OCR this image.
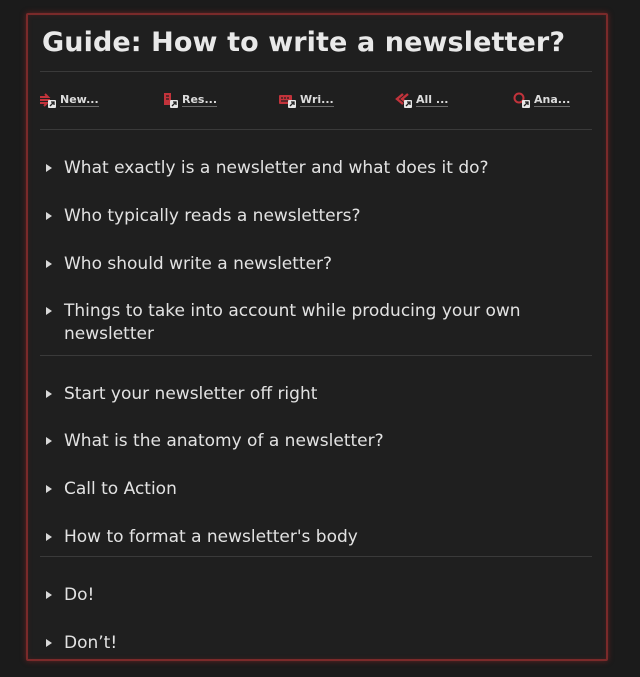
Guide: How to write a newsletter?
New...	Res...	Wri...	All ...	Ana...
What exactly is a newsletter and what does it do?
Who typically reads a newsletters?
Who should write a newsletter?
Things to take into account while producing your own newsletter
Start your newsletter off right
What is the anatomy of a newsletter?
Call to Action
How to format a newsletter's body
Do!
Don’t!
